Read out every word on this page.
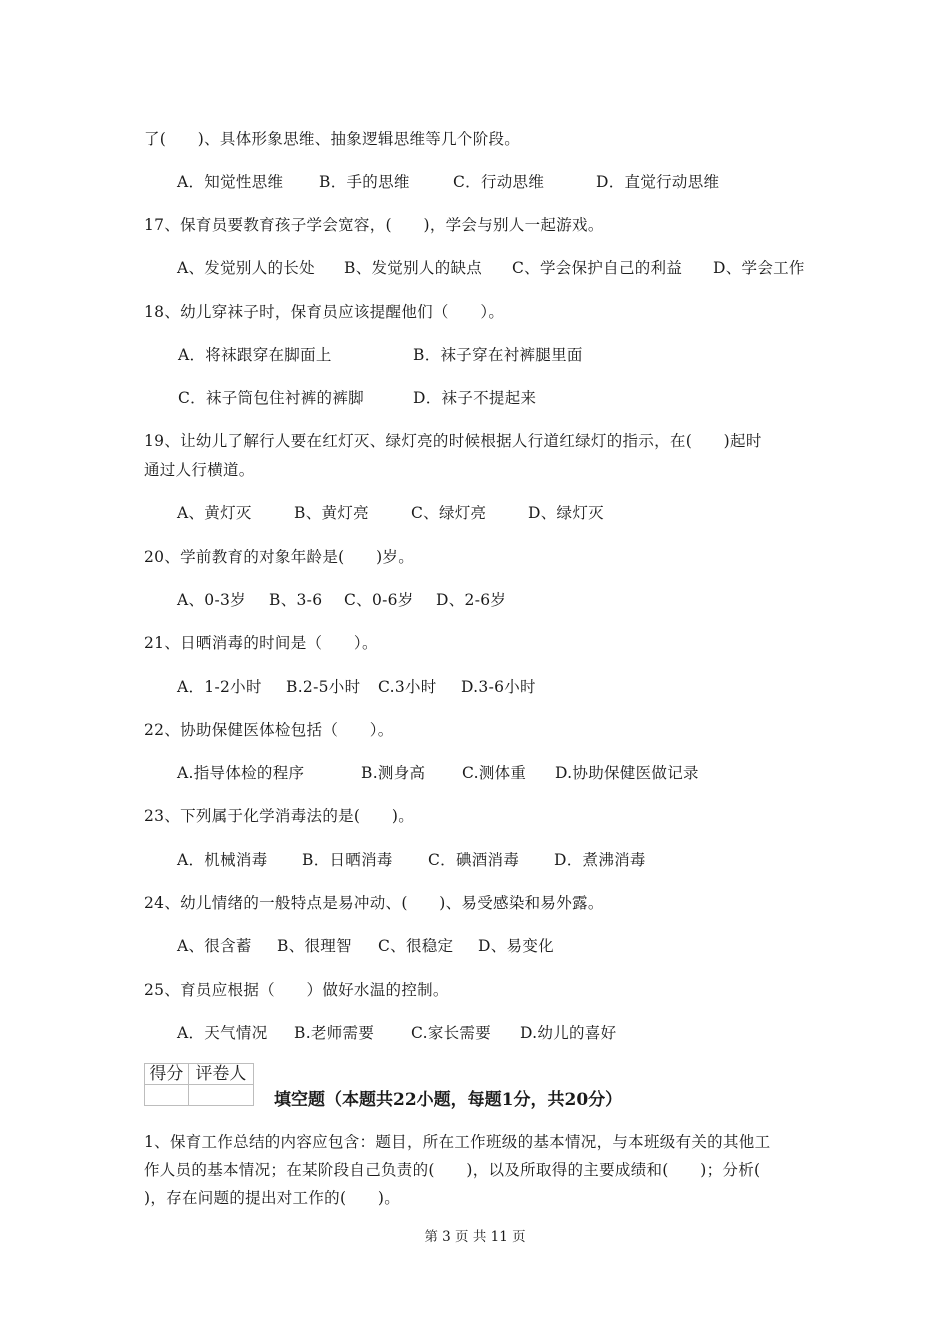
了(　　)、具体形象思维、抽象逻辑思维等几个阶段。
A．知觉性思维 B．手的思维	C．行动思维	D．直觉行动思维
17、保育员要教育孩子学会宽容，(　　)，学会与别人一起游戏。
A、发觉别人的长处 B、发觉别人的缺点 C、学会保护自己的利益 D、学会工作
18、幼儿穿袜子时，保育员应该提醒他们（　　）。
A．将袜跟穿在脚面上	B．袜子穿在衬裤腿里面
C．袜子筒包住衬裤的裤脚	D．袜子不提起来
19、让幼儿了解行人要在红灯灭、绿灯亮的时候根据人行道红绿灯的指示，在(　　)起时
通过人行横道。
A、黄灯灭	B、黄灯亮	C、绿灯亮	D、绿灯灭
20、学前教育的对象年龄是(　　)岁。
A、0-3岁 B、3-6 C、0-6岁 D、2-6岁
21、日晒消毒的时间是（　　）。
A．1-2小时 B.2-5小时 C.3小时 D.3-6小时
22、协助保健医体检包括（　　）。
A.指导体检的程序	B.测身高 C.测体重 D.协助保健医做记录
23、下列属于化学消毒法的是(　　)。
A．机械消毒 B．日晒消毒 C．碘酒消毒 D．煮沸消毒
24、幼儿情绪的一般特点是易冲动、(　　)、易受感染和易外露。
A、很含蓄 B、很理智 C、很稳定 D、易变化
25、育员应根据（　　）做好水温的控制。
A．天气情况 B.老师需要 C.家长需要 D.幼儿的喜好
得分	评卷人

填空题（本题共22小题，每题1分，共20分）
1、保育工作总结的内容应包含：题目，所在工作班级的基本情况，与本班级有关的其他工
作人员的基本情况；在某阶段自己负责的(　　)，以及所取得的主要成绩和(　　)；分析(
)，存在问题的提出对工作的(　　)。
第 3 页 共 11 页
